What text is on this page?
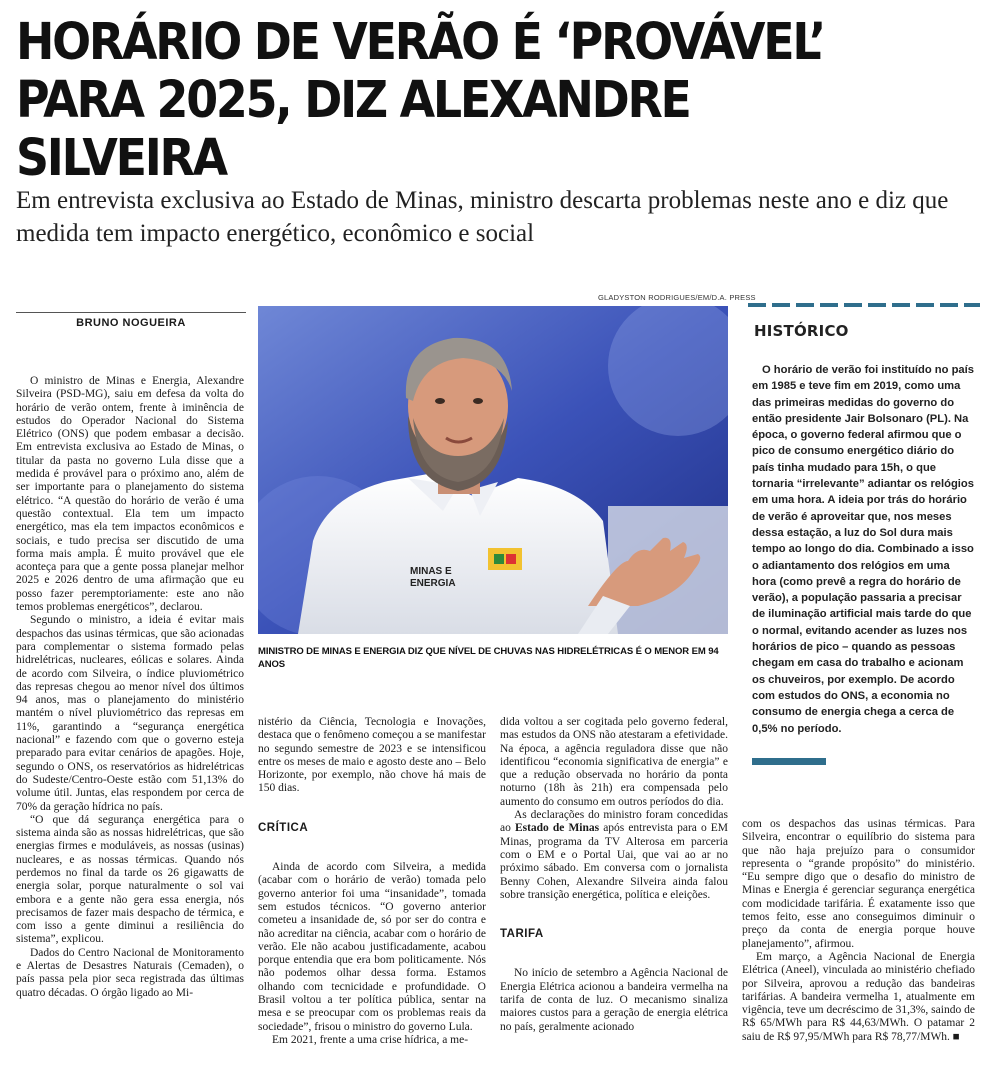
HORÁRIO DE VERÃO É ‘PROVÁVEL’ PARA 2025, DIZ ALEXANDRE SILVEIRA

Em entrevista exclusiva ao Estado de Minas, ministro descarta problemas neste ano e diz que medida tem impacto energético, econômico e social

BRUNO NOGUEIRA
GLADYSTON RODRIGUES/EM/D.A. PRESS
MINAS E
ENERGIA
MINISTRO DE MINAS E ENERGIA DIZ QUE NÍVEL DE CHUVAS NAS HIDRELÉTRICAS É O MENOR EM 94 ANOS

O ministro de Minas e Energia, Alexandre Silveira (PSD-MG), saiu em defesa da volta do horário de verão ontem, frente à iminência de estudos do Operador Nacional do Sistema Elétrico (ONS) que podem embasar a decisão. Em entrevista exclusiva ao Estado de Minas, o titular da pasta no governo Lula disse que a medida é provável para o próximo ano, além de ser importante para o planejamento do sistema elétrico. “A questão do horário de verão é uma questão contextual. Ela tem um impacto energético, mas ela tem impactos econômicos e sociais, e tudo precisa ser discutido de uma forma mais ampla. É muito provável que ele aconteça para que a gente possa planejar melhor 2025 e 2026 dentro de uma afirmação que eu posso fazer peremptoriamente: este ano não temos problemas energéticos”, declarou.

Segundo o ministro, a ideia é evitar mais despachos das usinas térmicas, que são acionadas para complementar o sistema formado pelas hidrelétricas, nucleares, eólicas e solares. Ainda de acordo com Silveira, o índice pluviométrico das represas chegou ao menor nível dos últimos 94 anos, mas o planejamento do ministério mantém o nível pluviométrico das represas em 11%, garantindo a “segurança energética nacional” e fazendo com que o governo esteja preparado para evitar cenários de apagões. Hoje, segundo o ONS, os reservatórios as hidrelétricas do Sudeste/Centro-Oeste estão com 51,13% do volume útil. Juntas, elas respondem por cerca de 70% da geração hídrica no país.

“O que dá segurança energética para o sistema ainda são as nossas hidrelétricas, que são energias firmes e moduláveis, as nossas (usinas) nucleares, e as nossas térmicas. Quando nós perdemos no final da tarde os 26 gigawatts de energia solar, porque naturalmente o sol vai embora e a gente não gera essa energia, nós precisamos de fazer mais despacho de térmica, e com isso a gente diminui a resiliência do sistema”, explicou.

Dados do Centro Nacional de Monitoramento e Alertas de Desastres Naturais (Cemaden), o país passa pela pior seca registrada das últimas quatro décadas. O órgão ligado ao Mi-

nistério da Ciência, Tecnologia e Inovações, destaca que o fenômeno começou a se manifestar no segundo semestre de 2023 e se intensificou entre os meses de maio e agosto deste ano – Belo Horizonte, por exemplo, não chove há mais de 150 dias.

CRÍTICA

Ainda de acordo com Silveira, a medida (acabar com o horário de verão) tomada pelo governo anterior foi uma “insanidade”, tomada sem estudos técnicos. “O governo anterior cometeu a insanidade de, só por ser do contra e não acreditar na ciência, acabar com o horário de verão. Ele não acabou justificadamente, acabou porque entendia que era bom politicamente. Nós não podemos olhar dessa forma. Estamos olhando com tecnicidade e profundidade. O Brasil voltou a ter política pública, sentar na mesa e se preocupar com os problemas reais da sociedade”, frisou o ministro do governo Lula.

Em 2021, frente a uma crise hídrica, a me-

dida voltou a ser cogitada pelo governo federal, mas estudos da ONS não atestaram a efetividade. Na época, a agência reguladora disse que não identificou “economia significativa de energia” e que a redução observada no horário da ponta noturno (18h às 21h) era compensada pelo aumento do consumo em outros períodos do dia.

As declarações do ministro foram concedidas ao Estado de Minas após entrevista para o EM Minas, programa da TV Alterosa em parceria com o EM e o Portal Uai, que vai ao ar no próximo sábado. Em conversa com o jornalista Benny Cohen, Alexandre Silveira ainda falou sobre transição energética, política e eleições.

TARIFA

No início de setembro a Agência Nacional de Energia Elétrica acionou a bandeira vermelha na tarifa de conta de luz. O mecanismo sinaliza maiores custos para a geração de energia elétrica no país, geralmente acionado

com os despachos das usinas térmicas. Para Silveira, encontrar o equilíbrio do sistema para que não haja prejuízo para o consumidor representa o “grande propósito” do ministério. “Eu sempre digo que o desafio do ministro de Minas e Energia é gerenciar segurança energética com modicidade tarifária. É exatamente isso que temos feito, esse ano conseguimos diminuir o preço da conta de energia porque houve planejamento”, afirmou.

Em março, a Agência Nacional de Energia Elétrica (Aneel), vinculada ao ministério chefiado por Silveira, aprovou a redução das bandeiras tarifárias. A bandeira vermelha 1, atualmente em vigência, teve um decréscimo de 31,3%, saindo de R$ 65/MWh para R$ 44,63/MWh. O patamar 2 saiu de R$ 97,95/MWh para R$ 78,77/MWh. ■

HISTÓRICO

O horário de verão foi instituído no país em 1985 e teve fim em 2019, como uma das primeiras medidas do governo do então presidente Jair Bolsonaro (PL). Na época, o governo federal afirmou que o pico de consumo energético diário do país tinha mudado para 15h, o que tornaria “irrelevante” adiantar os relógios em uma hora. A ideia por trás do horário de verão é aproveitar que, nos meses dessa estação, a luz do Sol dura mais tempo ao longo do dia. Combinado a isso o adiantamento dos relógios em uma hora (como prevê a regra do horário de verão), a população passaria a precisar de iluminação artificial mais tarde do que o normal, evitando acender as luzes nos horários de pico – quando as pessoas chegam em casa do trabalho e acionam os chuveiros, por exemplo. De acordo com estudos do ONS, a economia no consumo de energia chega a cerca de 0,5% no período.
